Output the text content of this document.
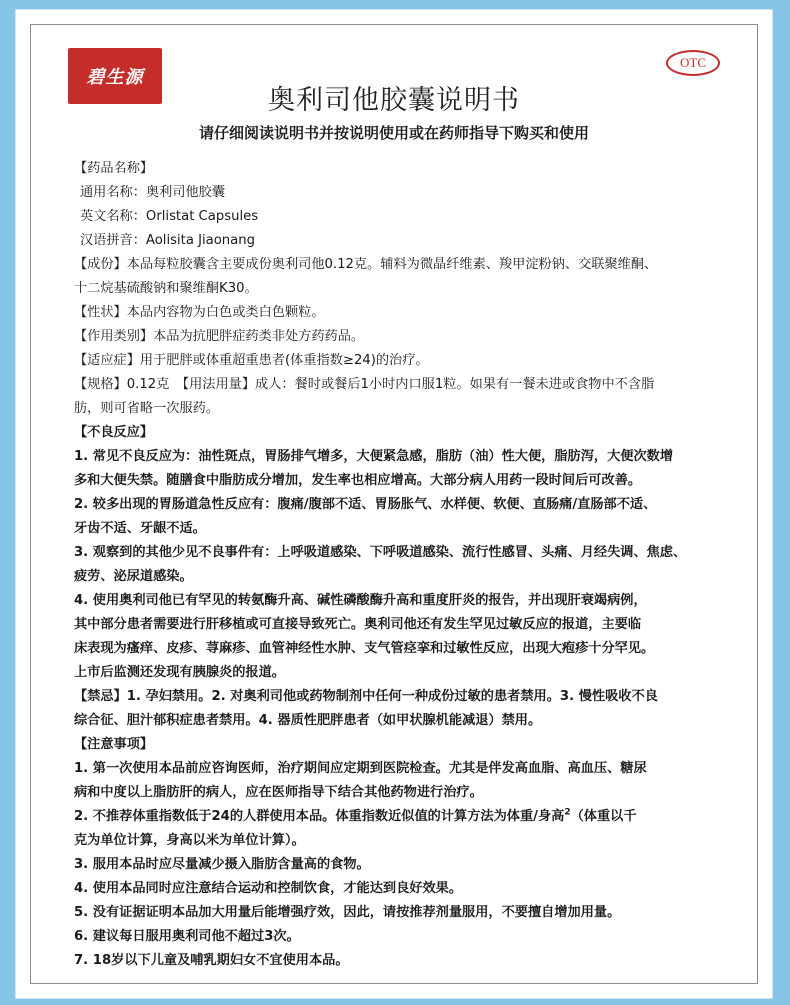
碧生源
OTC
奥利司他胶囊说明书
请仔细阅读说明书并按说明使用或在药师指导下购买和使用

【药品名称】

通用名称：奥利司他胶囊

英文名称：Orlistat Capsules

汉语拼音：Aolisita Jiaonang

【成份】本品每粒胶囊含主要成份奥利司他0.12克。辅料为微晶纤维素、羧甲淀粉钠、交联聚维酮、

十二烷基硫酸钠和聚维酮K30。

【性状】本品内容物为白色或类白色颗粒。

【作用类别】本品为抗肥胖症药类非处方药药品。

【适应症】用于肥胖或体重超重患者(体重指数≥24)的治疗。

【规格】0.12克　【用法用量】成人：餐时或餐后1小时内口服1粒。如果有一餐未进或食物中不含脂

肪，则可省略一次服药。

【不良反应】

1. 常见不良反应为：油性斑点，胃肠排气增多，大便紧急感，脂肪（油）性大便，脂肪泻，大便次数增

多和大便失禁。随膳食中脂肪成分增加，发生率也相应增高。大部分病人用药一段时间后可改善。

2. 较多出现的胃肠道急性反应有：腹痛/腹部不适、胃肠胀气、水样便、软便、直肠痛/直肠部不适、

牙齿不适、牙龈不适。

3. 观察到的其他少见不良事件有：上呼吸道感染、下呼吸道感染、流行性感冒、头痛、月经失调、焦虑、

疲劳、泌尿道感染。

4. 使用奥利司他已有罕见的转氨酶升高、碱性磷酸酶升高和重度肝炎的报告，并出现肝衰竭病例，

其中部分患者需要进行肝移植或可直接导致死亡。奥利司他还有发生罕见过敏反应的报道，主要临

床表现为瘙痒、皮疹、荨麻疹、血管神经性水肿、支气管痉挛和过敏性反应，出现大疱疹十分罕见。

上市后监测还发现有胰腺炎的报道。

【禁忌】1. 孕妇禁用。2. 对奥利司他或药物制剂中任何一种成份过敏的患者禁用。3. 慢性吸收不良

综合征、胆汁郁积症患者禁用。4. 器质性肥胖患者（如甲状腺机能减退）禁用。

【注意事项】

1. 第一次使用本品前应咨询医师，治疗期间应定期到医院检查。尤其是伴发高血脂、高血压、糖尿

病和中度以上脂肪肝的病人，应在医师指导下结合其他药物进行治疗。

2. 不推荐体重指数低于24的人群使用本品。体重指数近似值的计算方法为体重/身高$^2$（体重以千

克为单位计算，身高以米为单位计算）。

3. 服用本品时应尽量减少摄入脂肪含量高的食物。

4. 使用本品同时应注意结合运动和控制饮食，才能达到良好效果。

5. 没有证据证明本品加大用量后能增强疗效，因此，请按推荐剂量服用，不要擅自增加用量。

6. 建议每日服用奥利司他不超过3次。

7. 18岁以下儿童及哺乳期妇女不宜使用本品。
